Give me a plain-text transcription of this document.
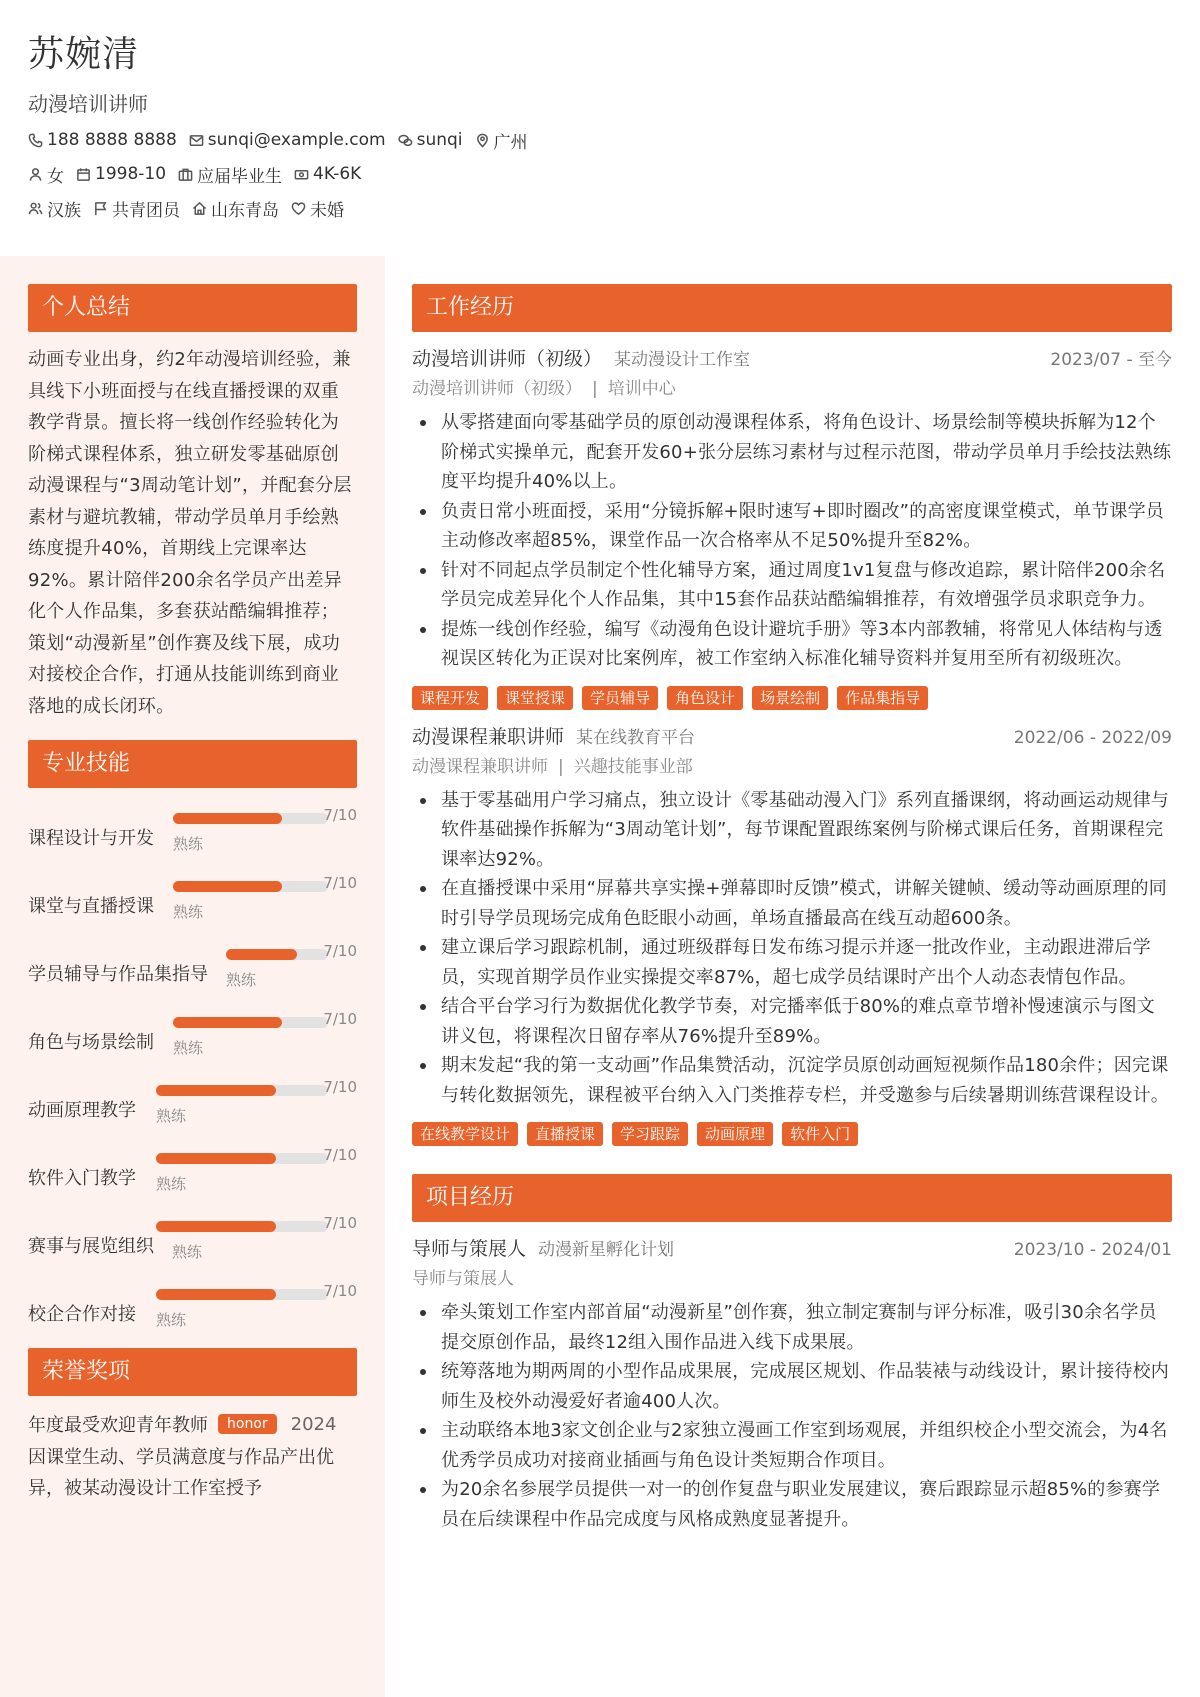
苏婉清
动漫培训讲师
188 8888 8888 sunqi@example.com sunqi 广州
女 1998-10 应届毕业生 4K-6K
汉族 共青团员 山东青岛 未婚
个人总结

动画专业出身，约2年动漫培训经验，兼具线下小班面授与在线直播授课的双重教学背景。擅长将一线创作经验转化为阶梯式课程体系，独立研发零基础原创动漫课程与“3周动笔计划”，并配套分层素材与避坑教辅，带动学员单月手绘熟练度提升40%，首期线上完课率达92%。累计陪伴200余名学员产出差异化个人作品集，多套获站酷编辑推荐；策划“动漫新星”创作赛及线下展，成功对接校企合作，打通从技能训练到商业落地的成长闭环。

专业技能
课程设计与开发 熟练
7/10
课堂与直播授课 熟练
7/10
学员辅导与作品集指导 熟练
7/10
角色与场景绘制 熟练
7/10
动画原理教学 熟练
7/10
软件入门教学 熟练
7/10
赛事与展览组织 熟练
7/10
校企合作对接 熟练
7/10
荣誉奖项
年度最受欢迎青年教师	honor	2024
因课堂生动、学员满意度与作品产出优异，被某动漫设计工作室授予
工作经历
动漫培训讲师（初级） 某动漫设计工作室	2023/07 - 至今
动漫培训讲师（初级） | 培训中心
从零搭建面向零基础学员的原创动漫课程体系，将角色设计、场景绘制等模块拆解为12个阶梯式实操单元，配套开发60+张分层练习素材与过程示范图，带动学员单月手绘技法熟练度平均提升40%以上。
负责日常小班面授，采用“分镜拆解+限时速写+即时圈改”的高密度课堂模式，单节课学员主动修改率超85%，课堂作品一次合格率从不足50%提升至82%。
针对不同起点学员制定个性化辅导方案，通过周度1v1复盘与修改追踪，累计陪伴200余名学员完成差异化个人作品集，其中15套作品获站酷编辑推荐，有效增强学员求职竞争力。
提炼一线创作经验，编写《动漫角色设计避坑手册》等3本内部教辅，将常见人体结构与透视误区转化为正误对比案例库，被工作室纳入标准化辅导资料并复用至所有初级班次。
课程开发	课堂授课	学员辅导	角色设计	场景绘制	作品集指导
动漫课程兼职讲师 某在线教育平台	2022/06 - 2022/09
动漫课程兼职讲师 | 兴趣技能事业部
基于零基础用户学习痛点，独立设计《零基础动漫入门》系列直播课纲，将动画运动规律与软件基础操作拆解为“3周动笔计划”，每节课配置跟练案例与阶梯式课后任务，首期课程完课率达92%。
在直播授课中采用“屏幕共享实操+弹幕即时反馈”模式，讲解关键帧、缓动等动画原理的同时引导学员现场完成角色眨眼小动画，单场直播最高在线互动超600条。
建立课后学习跟踪机制，通过班级群每日发布练习提示并逐一批改作业，主动跟进滞后学员，实现首期学员作业实操提交率87%，超七成学员结课时产出个人动态表情包作品。
结合平台学习行为数据优化教学节奏，对完播率低于80%的难点章节增补慢速演示与图文讲义包，将课程次日留存率从76%提升至89%。
期末发起“我的第一支动画”作品集赞活动，沉淀学员原创动画短视频作品180余件；因完课与转化数据领先，课程被平台纳入入门类推荐专栏，并受邀参与后续暑期训练营课程设计。
在线教学设计	直播授课	学习跟踪	动画原理	软件入门
项目经历
导师与策展人 动漫新星孵化计划	2023/10 - 2024/01
导师与策展人
牵头策划工作室内部首届“动漫新星”创作赛，独立制定赛制与评分标准，吸引30余名学员提交原创作品，最终12组入围作品进入线下成果展。
统筹落地为期两周的小型作品成果展，完成展区规划、作品装裱与动线设计，累计接待校内师生及校外动漫爱好者逾400人次。
主动联络本地3家文创企业与2家独立漫画工作室到场观展，并组织校企小型交流会，为4名优秀学员成功对接商业插画与角色设计类短期合作项目。
为20余名参展学员提供一对一的创作复盘与职业发展建议，赛后跟踪显示超85%的参赛学员在后续课程中作品完成度与风格成熟度显著提升。
